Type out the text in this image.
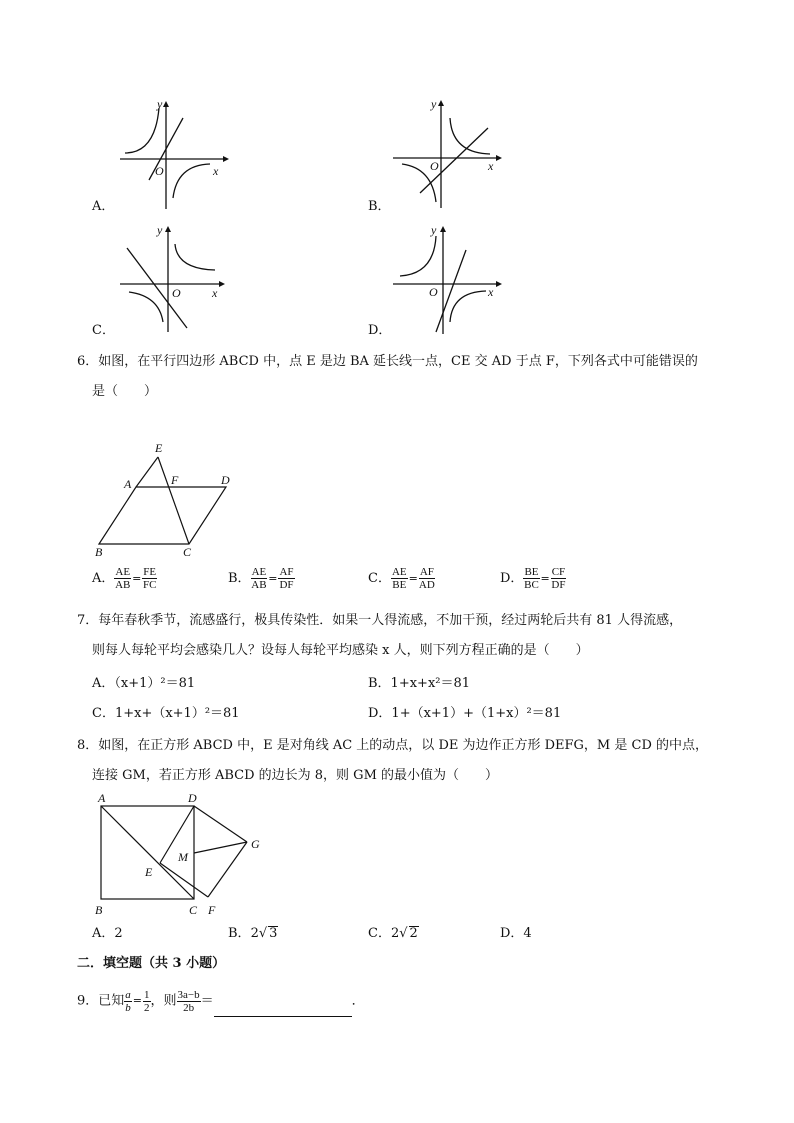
y
x
O
A．
y
x
O
B．
y
x
O
C．
y
x
O
D．
6．如图，在平行四边形 ABCD 中，点 E 是边 BA 延长线一点，CE 交 AD 于点 F，下列各式中可能错误的
是（　　）
E
A	F	D
B	C
A． $\frac{AE}{AB} = \frac{FE}{FC}$	B． $\frac{AE}{AB} = \frac{AF}{DF}$	C． $\frac{AE}{BE} = \frac{AF}{AD}$	D． $\frac{BE}{BC} = \frac{CF}{DF}$
7．每年春秋季节，流感盛行，极具传染性．如果一人得流感，不加干预，经过两轮后共有 81 人得流感，
则每人每轮平均会感染几人？设每人每轮平均感染 x 人，则下列方程正确的是（　　）
A．（x+1）²＝81	B．1+x+x²＝81
C．1+x+（x+1）²＝81	D．1+（x+1）+（1+x）²＝81
8．如图，在正方形 ABCD 中，E 是对角线 AC 上的动点，以 DE 为边作正方形 DEFG，M 是 CD 的中点，
连接 GM，若正方形 ABCD 的边长为 8，则 GM 的最小值为（　　）
A	D
G
M
E
B	C F
A．2	B．2√ 3	C．2√ 2	D．4
二．填空题（共 3 小题）
9．已知 $\frac{a}{b} = \frac{1}{2}$ ，则 $\frac{3a-b}{2b}$ ＝	．
